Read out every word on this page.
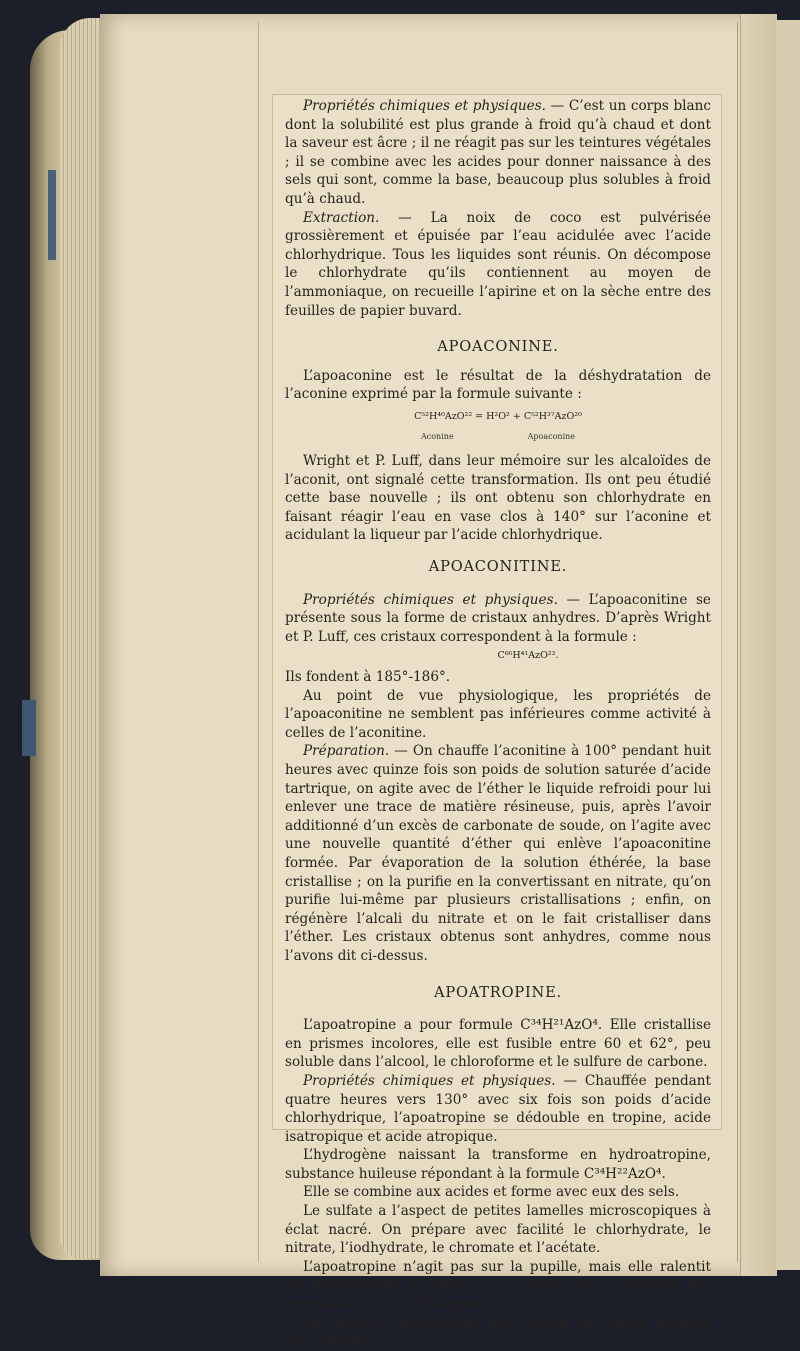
Propriétés chimiques et physiques. — C’est un corps blanc dont la solubilité est plus grande à froid qu’à chaud et dont la saveur est âcre ; il ne réagit pas sur les teintures végétales ; il se combine avec les acides pour donner naissance à des sels qui sont, comme la base, beaucoup plus solubles à froid qu’à chaud.

Extraction. — La noix de coco est pulvérisée grossièrement et épuisée par l’eau acidulée avec l’acide chlorhydrique. Tous les liquides sont réunis. On décompose le chlorhydrate qu’ils contiennent au moyen de l’ammoniaque, on recueille l’apirine et on la sèche entre des feuilles de papier buvard.

APOACONINE.

L’apoaconine est le résultat de la déshydratation de l’aconine exprimé par la formule suivante :

C⁵²H⁴⁰AzO²² = H²O² + C⁵²H³⁷AzO²⁰
Aconine	Apoaconine

Wright et P. Luff, dans leur mémoire sur les alcaloïdes de l’aconit, ont signalé cette transformation. Ils ont peu étudié cette base nouvelle ; ils ont obtenu son chlorhydrate en faisant réagir l’eau en vase clos à 140° sur l’aconine et acidulant la liqueur par l’acide chlorhydrique.

APOACONITINE.

Propriétés chimiques et physiques. — L’apoaconitine se présente sous la forme de cristaux anhydres. D’après Wright et P. Luff, ces cristaux correspondent à la formule :

C⁶⁶H⁴¹AzO²².

Ils fondent à 185°-186°.

Au point de vue physiologique, les propriétés de l’apoaconitine ne semblent pas inférieures comme activité à celles de l’aconitine.

Préparation. — On chauffe l’aconitine à 100° pendant huit heures avec quinze fois son poids de solution saturée d’acide tartrique, on agite avec de l’éther le liquide refroidi pour lui enlever une trace de matière résineuse, puis, après l’avoir additionné d’un excès de carbonate de soude, on l’agite avec une nouvelle quantité d’éther qui enlève l’apoaconitine formée. Par évaporation de la solution éthérée, la base cristallise ; on la purifie en la convertissant en nitrate, qu’on purifie lui-même par plusieurs cristallisations ; enfin, on régénère l’alcali du nitrate et on le fait cristalliser dans l’éther. Les cristaux obtenus sont anhydres, comme nous l’avons dit ci-dessus.

APOATROPINE.

L’apoatropine a pour formule C³⁴H²¹AzO⁴. Elle cristallise en prismes incolores, elle est fusible entre 60 et 62°, peu soluble dans l’alcool, le chloroforme et le sulfure de carbone.

Propriétés chimiques et physiques. — Chauffée pendant quatre heures vers 130° avec six fois son poids d’acide chlorhydrique, l’apoatropine se dédouble en tropine, acide isatropique et acide atropique.

L’hydrogène naissant la transforme en hydroatropine, substance huileuse répondant à la formule C³⁴H²²AzO⁴.

Elle se combine aux acides et forme avec eux des sels.

Le sulfate a l’aspect de petites lamelles microscopiques à éclat nacré. On prépare avec facilité le chlorhydrate, le nitrate, l’iodhydrate, le chromate et l’acétate.

L’apoatropine n’agit pas sur la pupille, mais elle ralentit les mouvements du cœur et ; à haute dose, provoque des convulsions caractéristiques.

On obtient l’apoatropine par l’action de l’acide nitrique sur l’atropine.
